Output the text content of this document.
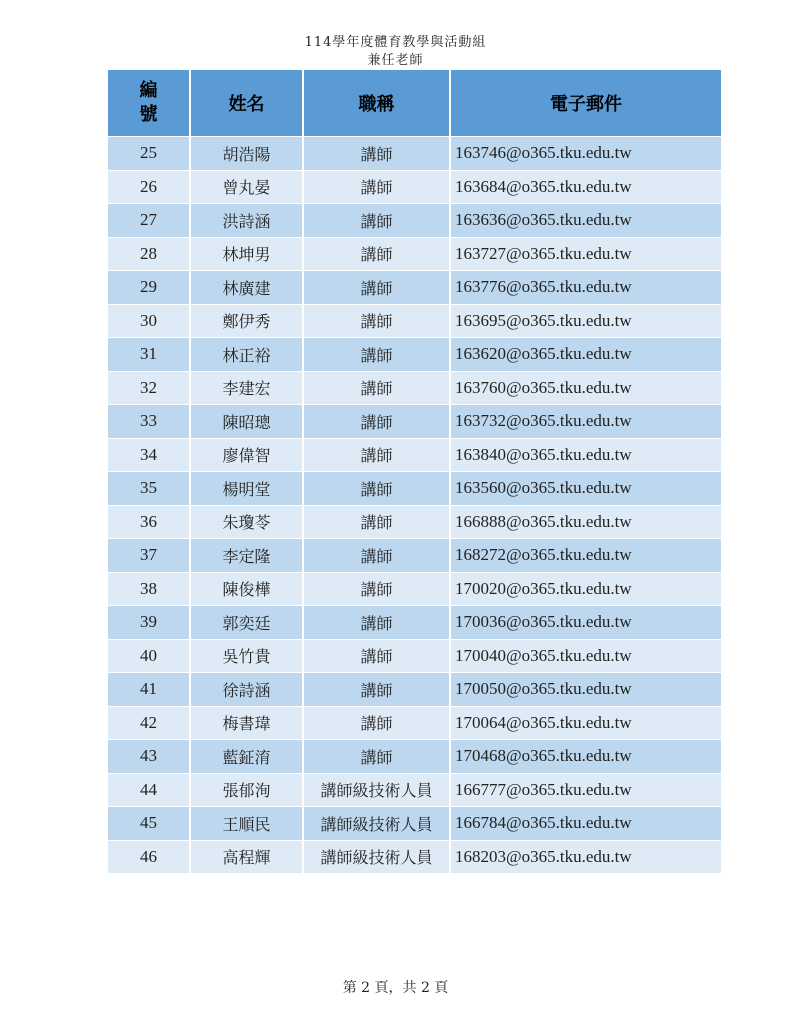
114學年度體育教學與活動組
兼任老師
編號	姓名	職稱	電子郵件
25	胡浩陽	講師	163746@o365.tku.edu.tw
26	曾丸晏	講師	163684@o365.tku.edu.tw
27	洪詩涵	講師	163636@o365.tku.edu.tw
28	林坤男	講師	163727@o365.tku.edu.tw
29	林廣建	講師	163776@o365.tku.edu.tw
30	鄭伊秀	講師	163695@o365.tku.edu.tw
31	林正裕	講師	163620@o365.tku.edu.tw
32	李建宏	講師	163760@o365.tku.edu.tw
33	陳昭璁	講師	163732@o365.tku.edu.tw
34	廖偉智	講師	163840@o365.tku.edu.tw
35	楊明堂	講師	163560@o365.tku.edu.tw
36	朱瓊苓	講師	166888@o365.tku.edu.tw
37	李定隆	講師	168272@o365.tku.edu.tw
38	陳俊樺	講師	170020@o365.tku.edu.tw
39	郭奕廷	講師	170036@o365.tku.edu.tw
40	吳竹貴	講師	170040@o365.tku.edu.tw
41	徐詩涵	講師	170050@o365.tku.edu.tw
42	梅書瑋	講師	170064@o365.tku.edu.tw
43	藍鉦淯	講師	170468@o365.tku.edu.tw
44	張郁洵	講師級技術人員	166777@o365.tku.edu.tw
45	王順民	講師級技術人員	166784@o365.tku.edu.tw
46	高程輝	講師級技術人員	168203@o365.tku.edu.tw
第 2 頁，共 2 頁
